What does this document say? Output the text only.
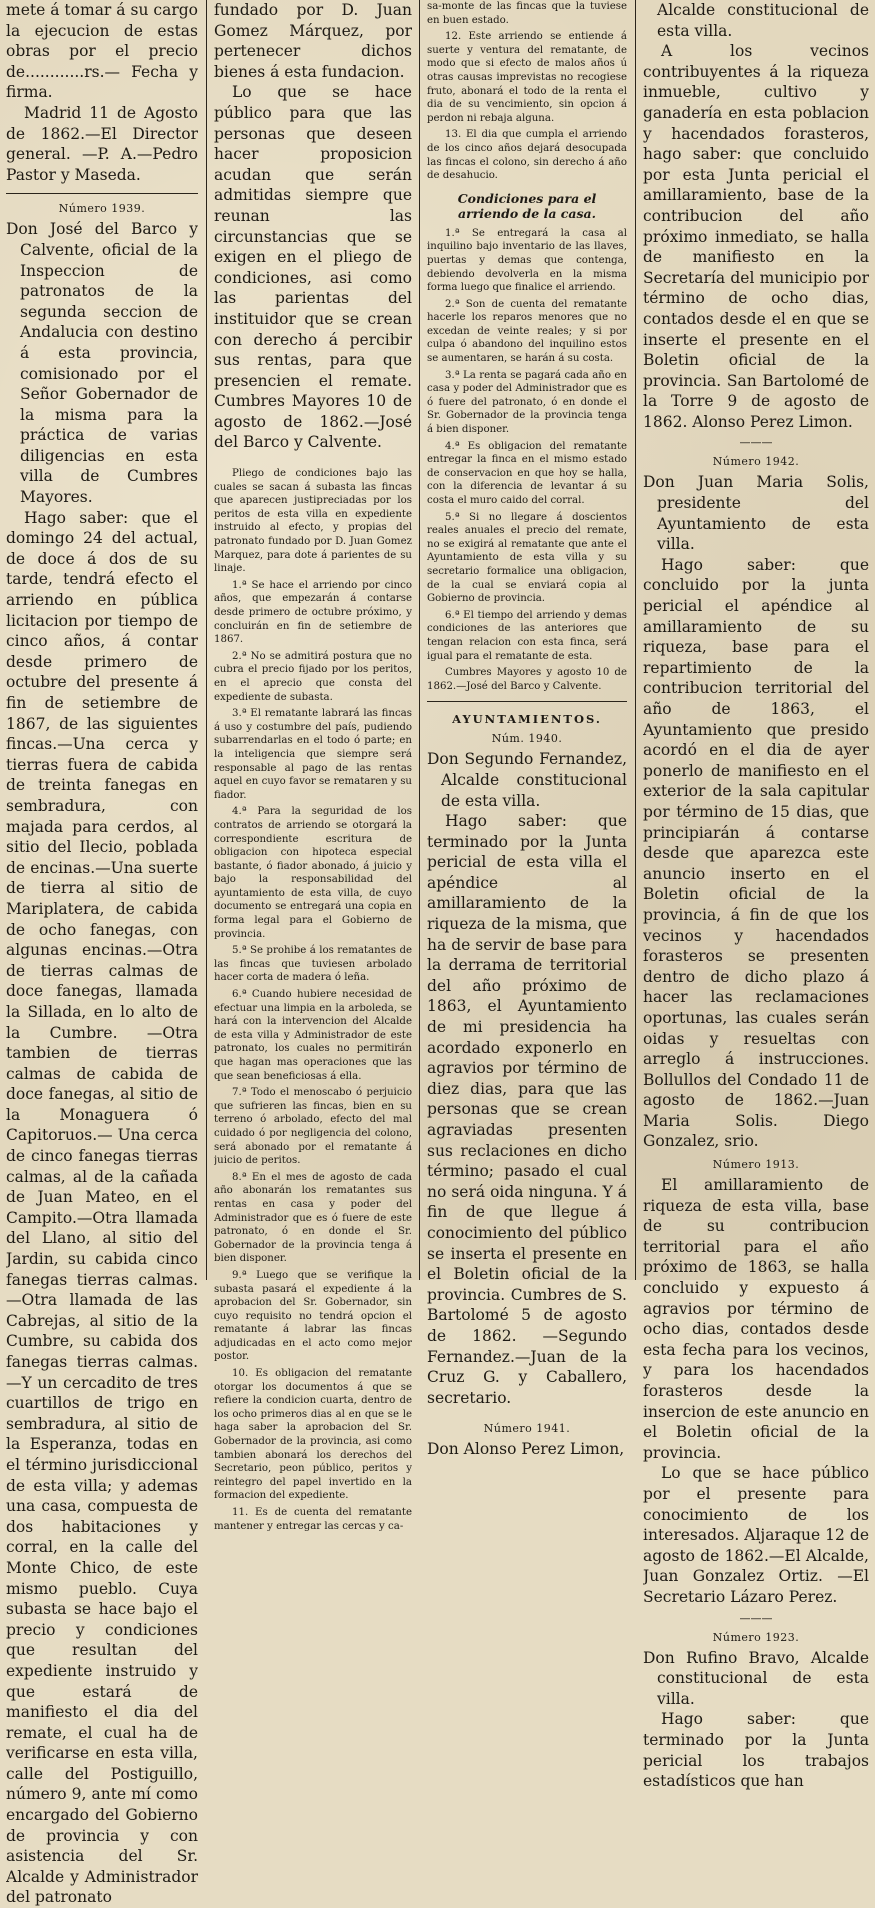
mete á tomar á su cargo la ejecucion de estas obras por el precio de............rs.— Fecha y firma.

Madrid 11 de Agosto de 1862.—El Director general. —P. A.—Pedro Pastor y Maseda.

Número 1939.

Don José del Barco y Calvente, oficial de la Inspeccion de patronatos de la segunda seccion de Andalucia con destino á esta provincia, comisionado por el Señor Gobernador de la misma para la práctica de varias diligencias en esta villa de Cumbres Mayores.

Hago saber: que el domingo 24 del actual, de doce á dos de su tarde, tendrá efecto el arriendo en pública licitacion por tiempo de cinco años, á contar desde primero de octubre del presente á fin de setiembre de 1867, de las siguientes fincas.—Una cerca y tierras fuera de cabida de treinta fanegas en sembradura, con majada para cerdos, al sitio del Ilecio, poblada de encinas.—Una suerte de tierra al sitio de Mariplatera, de cabida de ocho fanegas, con algunas encinas.—Otra de tierras calmas de doce fanegas, llamada la Sillada, en lo alto de la Cumbre. —Otra tambien de tierras calmas de cabida de doce fanegas, al sitio de la Monaguera ó Capitoruos.— Una cerca de cinco fanegas tierras calmas, al de la cañada de Juan Mateo, en el Campito.—Otra llamada del Llano, al sitio del Jardin, su cabida cinco fanegas tierras calmas. —Otra llamada de las Cabrejas, al sitio de la Cumbre, su cabida dos fanegas tierras calmas.—Y un cercadito de tres cuartillos de trigo en sembradura, al sitio de la Esperanza, todas en el término jurisdiccional de esta villa; y ademas una casa, compuesta de dos habitaciones y corral, en la calle del Monte Chico, de este mismo pueblo. Cuya subasta se hace bajo el precio y condiciones que resultan del expediente instruido y que estará de manifiesto el dia del remate, el cual ha de verificarse en esta villa, calle del Postiguillo, número 9, ante mí como encargado del Gobierno de provincia y con asistencia del Sr. Alcalde y Administrador del patronato

fundado por D. Juan Gomez Márquez, por pertenecer dichos bienes á esta fundacion.

Lo que se hace público para que las personas que deseen hacer proposicion acudan que serán admitidas siempre que reunan las circunstancias que se exigen en el pliego de condiciones, asi como las parientas del instituidor que se crean con derecho á percibir sus rentas, para que presencien el remate. Cumbres Mayores 10 de agosto de 1862.—José del Barco y Calvente.

Pliego de condiciones bajo las cuales se sacan á subasta las fincas que aparecen justipreciadas por los peritos de esta villa en expediente instruido al efecto, y propias del patronato fundado por D. Juan Gomez Marquez, para dote á parientes de su linaje.

1.ª Se hace el arriendo por cinco años, que empezarán á contarse desde primero de octubre próximo, y concluirán en fin de setiembre de 1867.

2.ª No se admitirá postura que no cubra el precio fijado por los peritos, en el aprecio que consta del expediente de subasta.

3.ª El rematante labrará las fincas á uso y costumbre del país, pudiendo subarrendarlas en el todo ó parte; en la inteligencia que siempre será responsable al pago de las rentas aquel en cuyo favor se remataren y su fiador.

4.ª Para la seguridad de los contratos de arriendo se otorgará la correspondiente escritura de obligacion con hipoteca especial bastante, ó fiador abonado, á juicio y bajo la responsabilidad del ayuntamiento de esta villa, de cuyo documento se entregará una copia en forma legal para el Gobierno de provincia.

5.ª Se prohibe á los rematantes de las fincas que tuviesen arbolado hacer corta de madera ó leña.

6.ª Cuando hubiere necesidad de efectuar una limpia en la arboleda, se hará con la intervencion del Alcalde de esta villa y Administrador de este patronato, los cuales no permitirán que hagan mas operaciones que las que sean beneficiosas á ella.

7.ª Todo el menoscabo ó perjuicio que sufrieren las fincas, bien en su terreno ó arbolado, efecto del mal cuidado ó por negligencia del colono, será abonado por el rematante á juicio de peritos.

8.ª En el mes de agosto de cada año abonarán los rematantes sus rentas en casa y poder del Administrador que es ó fuere de este patronato, ó en donde el Sr. Gobernador de la provincia tenga á bien disponer.

9.ª Luego que se verifique la subasta pasará el expediente á la aprobacion del Sr. Gobernador, sin cuyo requisito no tendrá opcion el rematante á labrar las fincas adjudicadas en el acto como mejor postor.

10. Es obligacion del rematante otorgar los documentos á que se refiere la condicion cuarta, dentro de los ocho primeros dias al en que se le haga saber la aprobacion del Sr. Gobernador de la provincia, asi como tambien abonará los derechos del Secretario, peon público, peritos y reintegro del papel invertido en la formacion del expediente.

11. Es de cuenta del rematante mantener y entregar las cercas y ca-

sa-monte de las fincas que la tuviese en buen estado.

12. Este arriendo se entiende á suerte y ventura del rematante, de modo que si efecto de malos años ú otras causas imprevistas no recogiese fruto, abonará el todo de la renta el dia de su vencimiento, sin opcion á perdon ni rebaja alguna.

13. El dia que cumpla el arriendo de los cinco años dejará desocupada las fincas el colono, sin derecho á año de desahucio.

Condiciones para el arriendo de la casa.

1.ª Se entregará la casa al inquilino bajo inventario de las llaves, puertas y demas que contenga, debiendo devolverla en la misma forma luego que finalice el arriendo.

2.ª Son de cuenta del rematante hacerle los reparos menores que no excedan de veinte reales; y si por culpa ó abandono del inquilino estos se aumentaren, se harán á su costa.

3.ª La renta se pagará cada año en casa y poder del Administrador que es ó fuere del patronato, ó en donde el Sr. Gobernador de la provincia tenga á bien disponer.

4.ª Es obligacion del rematante entregar la finca en el mismo estado de conservacion en que hoy se halla, con la diferencia de levantar á su costa el muro caido del corral.

5.ª Si no llegare á doscientos reales anuales el precio del remate, no se exigirá al rematante que ante el Ayuntamiento de esta villa y su secretario formalice una obligacion, de la cual se enviará copia al Gobierno de provincia.

6.ª El tiempo del arriendo y demas condiciones de las anteriores que tengan relacion con esta finca, será igual para el rematante de esta.

Cumbres Mayores y agosto 10 de 1862.—José del Barco y Calvente.

AYUNTAMIENTOS.

Núm. 1940.

Don Segundo Fernandez, Alcalde constitucional de esta villa.

Hago saber: que terminado por la Junta pericial de esta villa el apéndice al amillaramiento de la riqueza de la misma, que ha de servir de base para la derrama de territorial del año próximo de 1863, el Ayuntamiento de mi presidencia ha acordado exponerlo en agravios por término de diez dias, para que las personas que se crean agraviadas presenten sus reclaciones en dicho término; pasado el cual no será oida ninguna. Y á fin de que llegue á conocimiento del público se inserta el presente en el Boletin oficial de la provincia. Cumbres de S. Bartolomé 5 de agosto de 1862. —Segundo Fernandez.—Juan de la Cruz G. y Caballero, secretario.

Número 1941.

Don Alonso Perez Limon,

Alcalde constitucional de esta villa.

A los vecinos contribuyentes á la riqueza inmueble, cultivo y ganadería en esta poblacion y hacendados forasteros, hago saber: que concluido por esta Junta pericial el amillaramiento, base de la contribucion del año próximo inmediato, se halla de manifiesto en la Secretaría del municipio por término de ocho dias, contados desde el en que se inserte el presente en el Boletin oficial de la provincia. San Bartolomé de la Torre 9 de agosto de 1862. Alonso Perez Limon.

———

Número 1942.

Don Juan Maria Solis, presidente del Ayuntamiento de esta villa.

Hago saber: que concluido por la junta pericial el apéndice al amillaramiento de su riqueza, base para el repartimiento de la contribucion territorial del año de 1863, el Ayuntamiento que presido acordó en el dia de ayer ponerlo de manifiesto en el exterior de la sala capitular por término de 15 dias, que principiarán á contarse desde que aparezca este anuncio inserto en el Boletin oficial de la provincia, á fin de que los vecinos y hacendados forasteros se presenten dentro de dicho plazo á hacer las reclamaciones oportunas, las cuales serán oidas y resueltas con arreglo á instrucciones. Bollullos del Condado 11 de agosto de 1862.—Juan Maria Solis. Diego Gonzalez, srio.

Número 1913.

El amillaramiento de riqueza de esta villa, base de su contribucion territorial para el año próximo de 1863, se halla concluido y expuesto á agravios por término de ocho dias, contados desde esta fecha para los vecinos, y para los hacendados forasteros desde la insercion de este anuncio en el Boletin oficial de la provincia.

Lo que se hace público por el presente para conocimiento de los interesados. Aljaraque 12 de agosto de 1862.—El Alcalde, Juan Gonzalez Ortiz. —El Secretario Lázaro Perez.

———

Número 1923.

Don Rufino Bravo, Alcalde constitucional de esta villa.

Hago saber: que terminado por la Junta pericial los trabajos estadísticos que han
